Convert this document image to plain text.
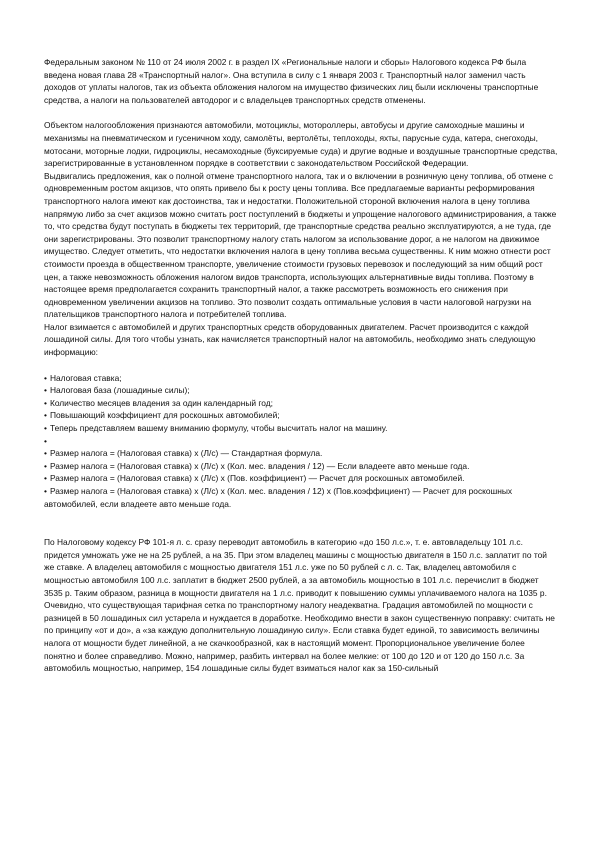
Федеральным законом № 110 от 24 июля 2002 г. в раздел IX «Региональные налоги и сборы» Налогового кодекса РФ была введена новая глава 28 «Транспортный налог». Она вступила в силу с 1 января 2003 г. Транспортный налог заменил часть доходов от уплаты налогов, так из объекта обложения налогом на имущество физических лиц были исключены транспортные средства, а налоги на пользователей автодорог и с владельцев транспортных средств отменены.

Объектом налогообложения признаются автомобили, мотоциклы, мотороллеры, автобусы и другие самоходные машины и механизмы на пневматическом и гусеничном ходу, самолёты, вертолёты, теплоходы, яхты, парусные суда, катера, снегоходы, мотосани, моторные лодки, гидроциклы, несамоходные (буксируемые суда) и другие водные и воздушные транспортные средства, зарегистрированные в установленном порядке в соответствии с законодательством Российской Федерации.

Выдвигались предложения, как о полной отмене транспортного налога, так и о включении в розничную цену топлива, об отмене с одновременным ростом акцизов, что опять привело бы к росту цены топлива. Все предлагаемые варианты реформирования транспортного налога имеют как достоинства, так и недостатки. Положительной стороной включения налога в цену топлива напрямую либо за счет акцизов можно считать рост поступлений в бюджеты и упрощение налогового администрирования, а также то, что средства будут поступать в бюджеты тех территорий, где транспортные средства реально эксплуатируются, а не туда, где они зарегистрированы. Это позволит транспортному налогу стать налогом за использование дорог, а не налогом на движимое имущество. Следует отметить, что недостатки включения налога в цену топлива весьма существенны. К ним можно отнести рост стоимости проезда в общественном транспорте, увеличение стоимости грузовых перевозок и последующий за ним общий рост цен, а также невозможность обложения налогом видов транспорта, использующих альтернативные виды топлива. Поэтому в настоящее время предполагается сохранить транспортный налог, а также рассмотреть возможность его снижения при одновременном увеличении акцизов на топливо. Это позволит создать оптимальные условия в части налоговой нагрузки на плательщиков транспортного налога и потребителей топлива.

Налог взимается с автомобилей и других транспортных средств оборудованных двигателем. Расчет производится с каждой лошадиной силы. Для того чтобы узнать, как начисляется транспортный налог на автомобиль, необходимо знать следующую информацию:

• Налоговая ставка;
• Налоговая база (лошадиные силы);
• Количество месяцев владения за один календарный год;
• Повышающий коэффициент для роскошных автомобилей;
• Теперь представляем вашему вниманию формулу, чтобы высчитать налог на машину.
•
• Размер налога = (Налоговая ставка) х (Л/с) — Стандартная формула.
• Размер налога = (Налоговая ставка) х (Л/с) х (Кол. мес. владения / 12) — Если владеете авто меньше года.
• Размер налога = (Налоговая ставка) х (Л/с) х (Пов. коэффициент) — Расчет для роскошных автомобилей.
• Размер налога = (Налоговая ставка) х (Л/с) х (Кол. мес. владения / 12) х (Пов.коэффициент) — Расчет для роскошных автомобилей, если владеете авто меньше года.

По Налоговому кодексу РФ 101-я л. с. сразу переводит автомобиль в категорию «до 150 л.с.», т. е. автовладельцу 101 л.с. придется умножать уже не на 25 рублей, а на 35. При этом владелец машины с мощностью двигателя в 150 л.с. заплатит по той же ставке. А владелец автомобиля с мощностью двигателя 151 л.с. уже по 50 рублей с л. с. Так, владелец автомобиля с мощностью автомобиля 100 л.с. заплатит в бюджет 2500 рублей, а за автомобиль мощностью в 101 л.с. перечислит в бюджет 3535 р. Таким образом, разница в мощности двигателя на 1 л.с. приводит к повышению суммы уплачиваемого налога на 1035 р. Очевидно, что существующая тарифная сетка по транспортному налогу неадекватна. Градация автомобилей по мощности с разницей в 50 лошадиных сил устарела и нуждается в доработке. Необходимо внести в закон существенную поправку: считать не по принципу «от и до», а «за каждую дополнительную лошадиную силу». Если ставка будет единой, то зависимость величины налога от мощности будет линейной, а не скачкообразной, как в настоящий момент. Пропорциональное увеличение более понятно и более справедливо. Можно, например, разбить интервал на более мелкие: от 100 до 120 и от 120 до 150 л.с. За автомобиль мощностью, например, 154 лошадиные силы будет взиматься налог как за 150-сильный
